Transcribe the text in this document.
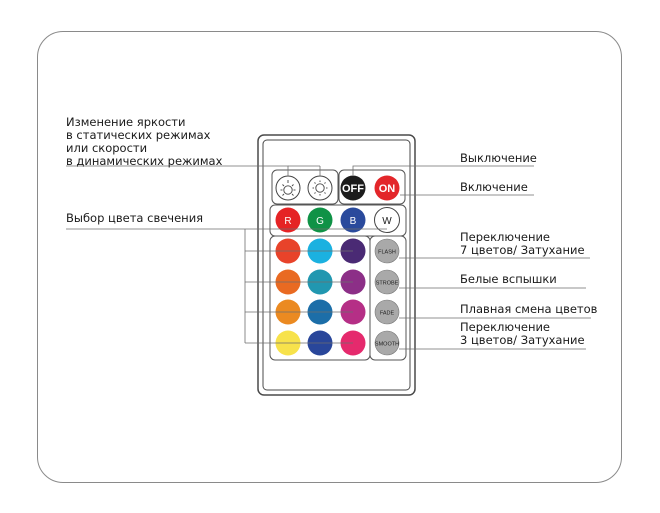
OFF ON
R G	B	W
FLASH
STROBE
FADE
SMOOTH
Изменение яркости
в статических режимах
или скорости
в динамических режимах
Выбор цвета свечения
Выключение
Включение
Переключение
7 цветов/ Затухание
Белые вспышки
Плавная смена цветов
Переключение
3 цветов/ Затухание
